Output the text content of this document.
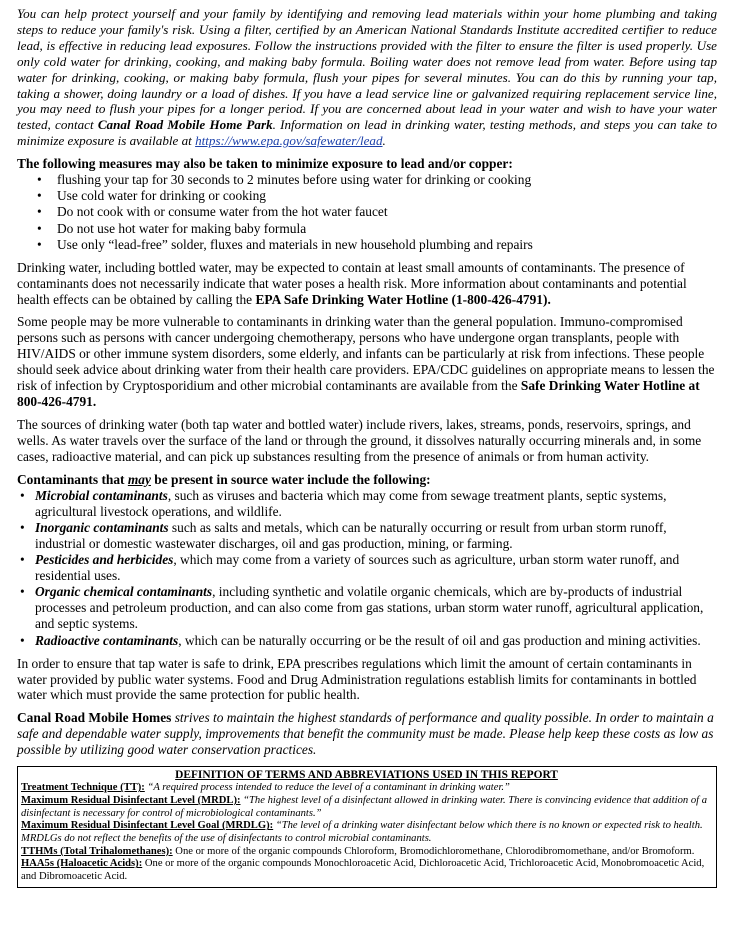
You can help protect yourself and your family by identifying and removing lead materials within your home plumbing and taking steps to reduce your family's risk. Using a filter, certified by an American National Standards Institute accredited certifier to reduce lead, is effective in reducing lead exposures. Follow the instructions provided with the filter to ensure the filter is used properly. Use only cold water for drinking, cooking, and making baby formula. Boiling water does not remove lead from water. Before using tap water for drinking, cooking, or making baby formula, flush your pipes for several minutes. You can do this by running your tap, taking a shower, doing laundry or a load of dishes. If you have a lead service line or galvanized requiring replacement service line, you may need to flush your pipes for a longer period. If you are concerned about lead in your water and wish to have your water tested, contact Canal Road Mobile Home Park. Information on lead in drinking water, testing methods, and steps you can take to minimize exposure is available at https://www.epa.gov/safewater/lead.

The following measures may also be taken to minimize exposure to lead and/or copper:
• flushing your tap for 30 seconds to 2 minutes before using water for drinking or cooking
• Use cold water for drinking or cooking
• Do not cook with or consume water from the hot water faucet
• Do not use hot water for making baby formula
• Use only “lead-free” solder, fluxes and materials in new household plumbing and repairs

Drinking water, including bottled water, may be expected to contain at least small amounts of contaminants. The presence of contaminants does not necessarily indicate that water poses a health risk. More information about contaminants and potential health effects can be obtained by calling the EPA Safe Drinking Water Hotline (1-800-426-4791).

Some people may be more vulnerable to contaminants in drinking water than the general population. Immuno-compromised persons such as persons with cancer undergoing chemotherapy, persons who have undergone organ transplants, people with HIV/AIDS or other immune system disorders, some elderly, and infants can be particularly at risk from infections. These people should seek advice about drinking water from their health care providers. EPA/CDC guidelines on appropriate means to lessen the risk of infection by Cryptosporidium and other microbial contaminants are available from the Safe Drinking Water Hotline at 800-426-4791.

The sources of drinking water (both tap water and bottled water) include rivers, lakes, streams, ponds, reservoirs, springs, and wells. As water travels over the surface of the land or through the ground, it dissolves naturally occurring minerals and, in some cases, radioactive material, and can pick up substances resulting from the presence of animals or from human activity.

Contaminants that may be present in source water include the following:
• Microbial contaminants, such as viruses and bacteria which may come from sewage treatment plants, septic systems, agricultural livestock operations, and wildlife.
• Inorganic contaminants such as salts and metals, which can be naturally occurring or result from urban storm runoff, industrial or domestic wastewater discharges, oil and gas production, mining, or farming.
• Pesticides and herbicides, which may come from a variety of sources such as agriculture, urban storm water runoff, and residential uses.
• Organic chemical contaminants, including synthetic and volatile organic chemicals, which are by-products of industrial processes and petroleum production, and can also come from gas stations, urban storm water runoff, agricultural application, and septic systems.
• Radioactive contaminants, which can be naturally occurring or be the result of oil and gas production and mining activities.

In order to ensure that tap water is safe to drink, EPA prescribes regulations which limit the amount of certain contaminants in water provided by public water systems. Food and Drug Administration regulations establish limits for contaminants in bottled water which must provide the same protection for public health.

Canal Road Mobile Homes strives to maintain the highest standards of performance and quality possible. In order to maintain a safe and dependable water supply, improvements that benefit the community must be made. Please help keep these costs as low as possible by utilizing good water conservation practices.

DEFINITION OF TERMS AND ABBREVIATIONS USED IN THIS REPORT
Treatment Technique (TT): “A required process intended to reduce the level of a contaminant in drinking water.”
Maximum Residual Disinfectant Level (MRDL): “The highest level of a disinfectant allowed in drinking water. There is convincing evidence that addition of a disinfectant is necessary for control of microbiological contaminants.”
Maximum Residual Disinfectant Level Goal (MRDLG): “The level of a drinking water disinfectant below which there is no known or expected risk to health. MRDLGs do not reflect the benefits of the use of disinfectants to control microbial contaminants.
TTHMs (Total Trihalomethanes): One or more of the organic compounds Chloroform, Bromodichloromethane, Chlorodibromomethane, and/or Bromoform.
HAA5s (Haloacetic Acids): One or more of the organic compounds Monochloroacetic Acid, Dichloroacetic Acid, Trichloroacetic Acid, Monobromoacetic Acid, and Dibromoacetic Acid.
